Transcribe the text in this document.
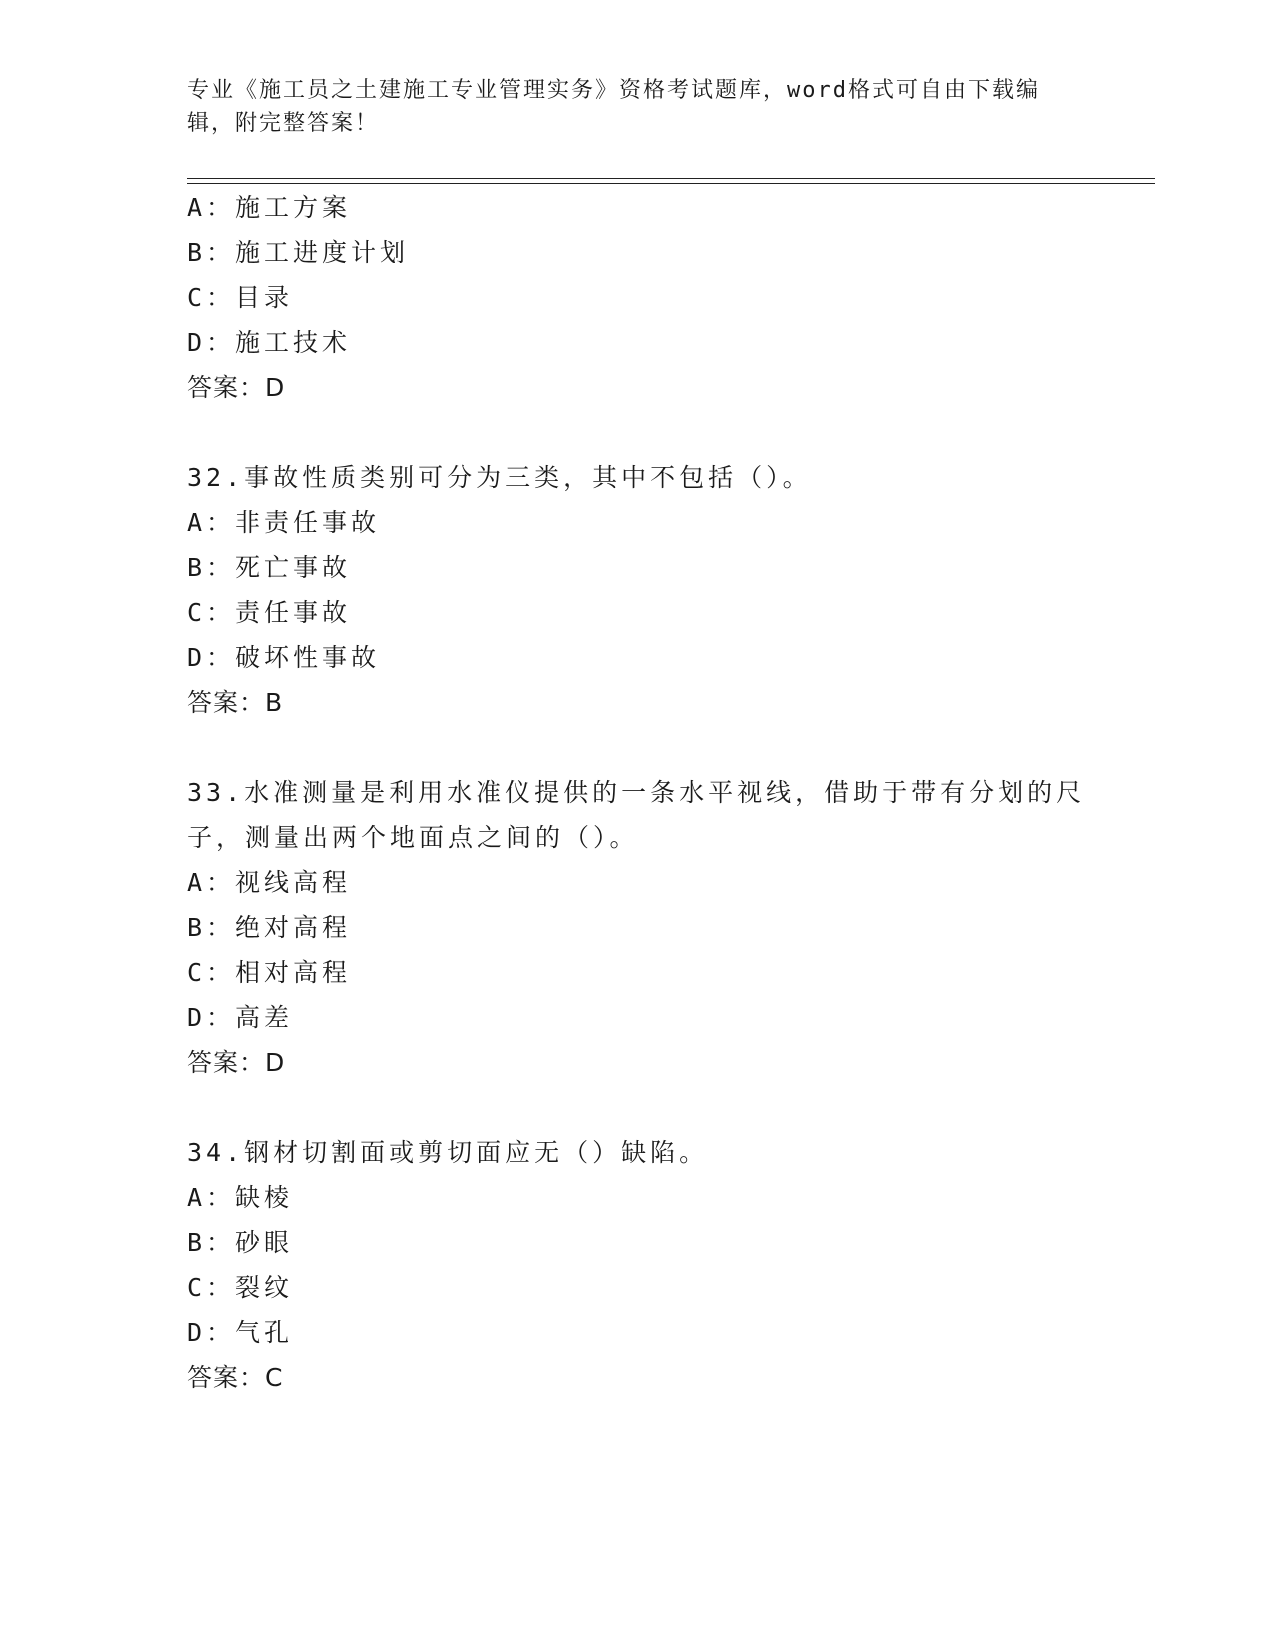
专业《施工员之土建施工专业管理实务》资格考试题库，word格式可自由下载编
辑，附完整答案！
A：施工方案
B：施工进度计划
C：目录
D：施工技术
答案：D
32.事故性质类别可分为三类，其中不包括（）。
A：非责任事故
B：死亡事故
C：责任事故
D：破坏性事故
答案：B
33.水准测量是利用水准仪提供的一条水平视线，借助于带有分划的尺
子，测量出两个地面点之间的（）。
A：视线高程
B：绝对高程
C：相对高程
D：高差
答案：D
34.钢材切割面或剪切面应无（）缺陷。
A：缺棱
B：砂眼
C：裂纹
D：气孔
答案：C
